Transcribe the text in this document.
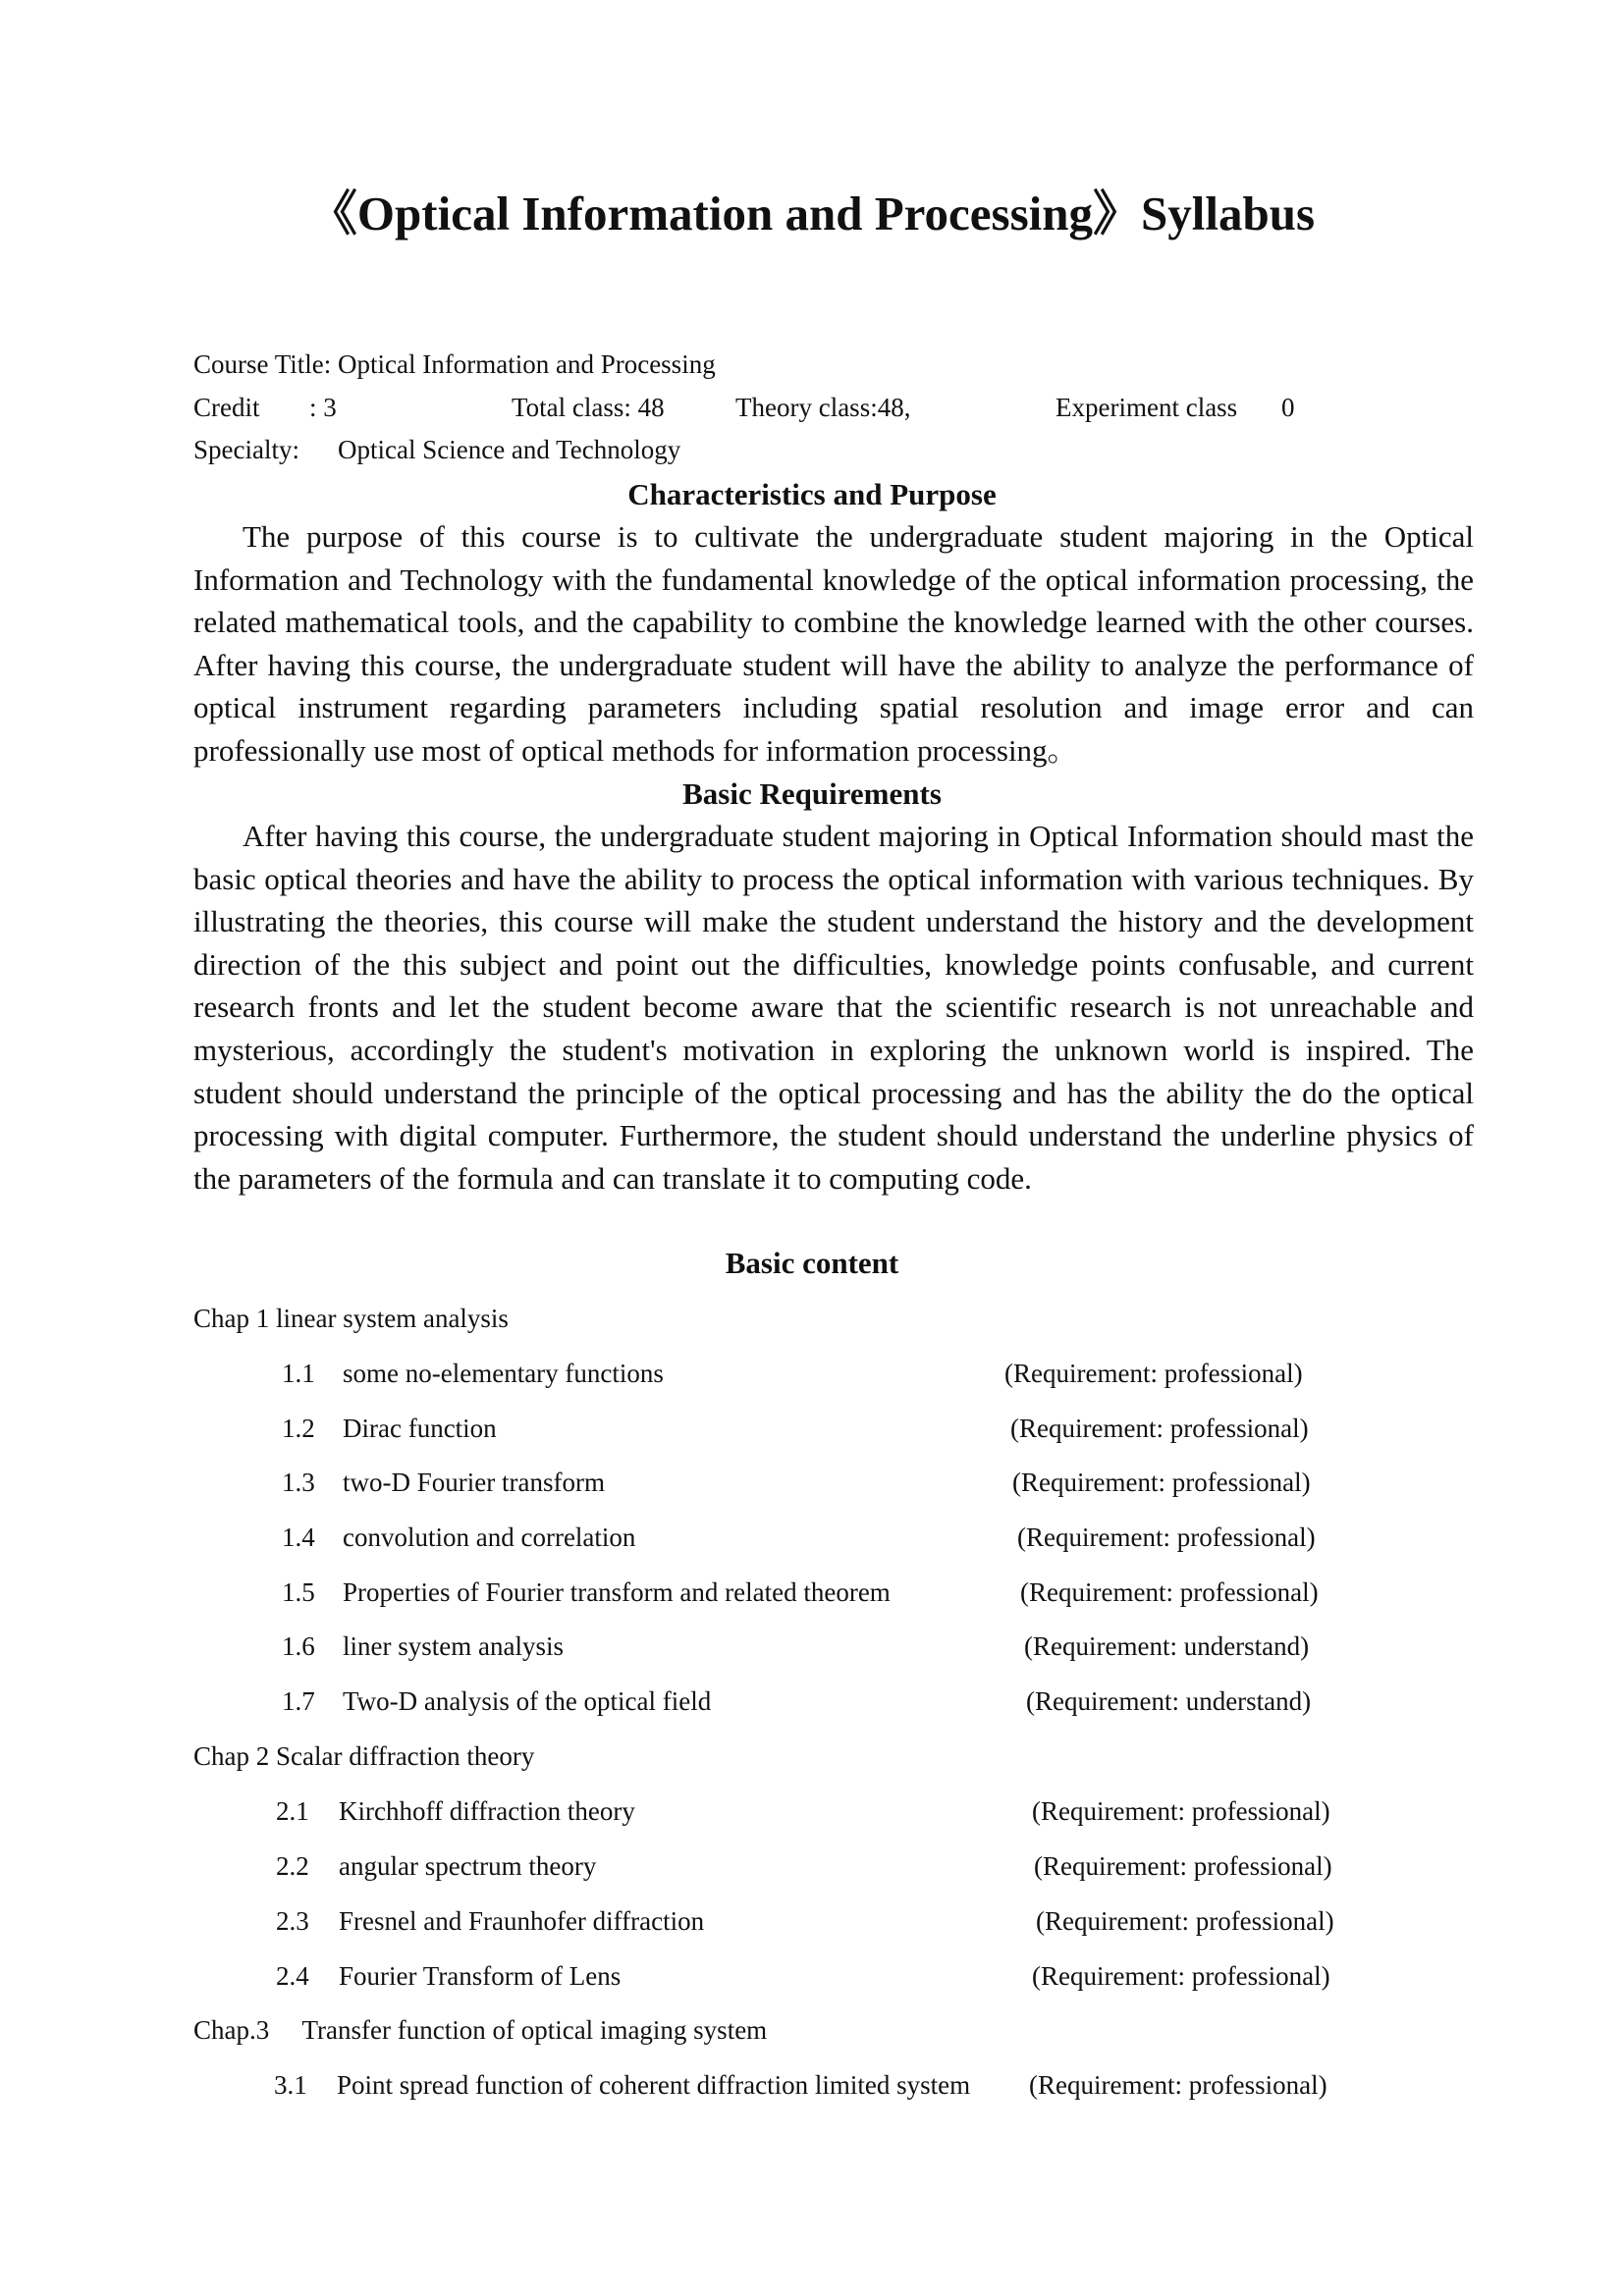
《Optical Information and Processing》Syllabus
Course Title: Optical Information and Processing
Credit : 3	Total class: 48	Theory class:48,	Experiment class 0
Specialty: Optical Science and Technology
Characteristics and Purpose
The purpose of this course is to cultivate the undergraduate student majoring in the Optical Information and Technology with the fundamental knowledge of the optical information processing, the related mathematical tools, and the capability to combine the knowledge learned with the other courses. After having this course, the undergraduate student will have the ability to analyze the performance of optical instrument regarding parameters including spatial resolution and image error and can professionally use most of optical methods for information processing。
Basic Requirements
After having this course, the undergraduate student majoring in Optical Information should mast the basic optical theories and have the ability to process the optical information with various techniques. By illustrating the theories, this course will make the student understand the history and the development direction of the this subject and point out the difficulties, knowledge points confusable, and current research fronts and let the student become aware that the scientific research is not unreachable and mysterious, accordingly the student's motivation in exploring the unknown world is inspired. The student should understand the principle of the optical processing and has the ability the do the optical processing with digital computer. Furthermore, the student should understand the underline physics of the parameters of the formula and can translate it to computing code.
Basic content
Chap 1 linear system analysis
1.1 some no-elementary functions	(Requirement: professional)
1.2 Dirac function	(Requirement: professional)
1.3 two-D Fourier transform	(Requirement: professional)
1.4 convolution and correlation	(Requirement: professional)
1.5 Properties of Fourier transform and related theorem	(Requirement: professional)
1.6 liner system analysis	(Requirement: understand)
1.7 Two-D analysis of the optical field	(Requirement: understand)
Chap 2 Scalar diffraction theory
2.1 Kirchhoff diffraction theory	(Requirement: professional)
2.2 angular spectrum theory	(Requirement: professional)
2.3 Fresnel and Fraunhofer diffraction	(Requirement: professional)
2.4 Fourier Transform of Lens	(Requirement: professional)
Chap.3  Transfer function of optical imaging system
3.1 Point spread function of coherent diffraction limited system (Requirement: professional)
